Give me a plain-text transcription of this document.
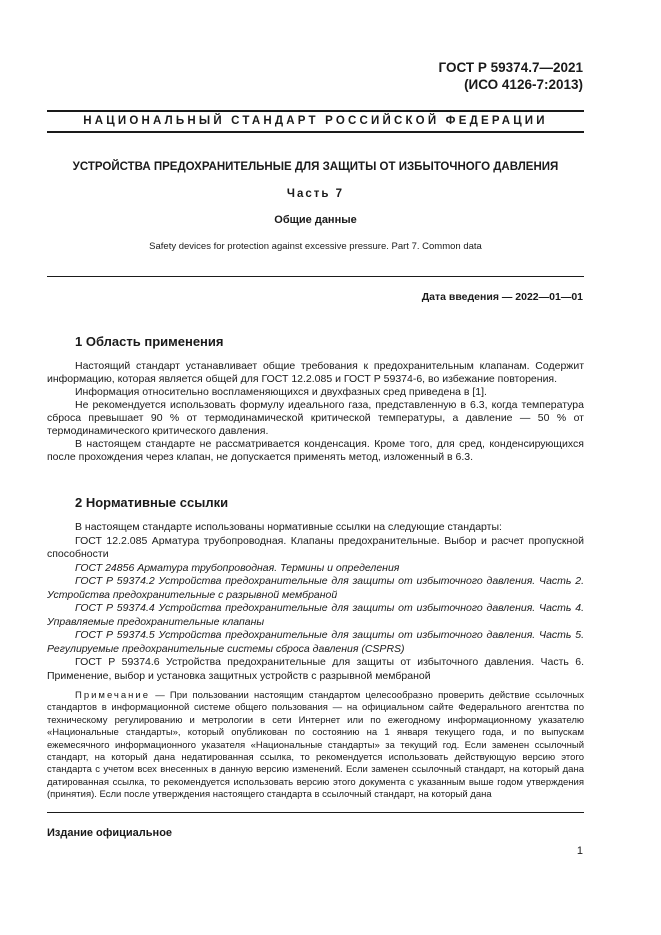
ГОСТ Р 59374.7—2021
(ИСО 4126-7:2013)
НАЦИОНАЛЬНЫЙ СТАНДАРТ РОССИЙСКОЙ ФЕДЕРАЦИИ
УСТРОЙСТВА ПРЕДОХРАНИТЕЛЬНЫЕ ДЛЯ ЗАЩИТЫ ОТ ИЗБЫТОЧНОГО ДАВЛЕНИЯ
Часть 7
Общие данные
Safety devices for protection against excessive pressure. Part 7. Common data
Дата введения — 2022—01—01
1 Область применения
Настоящий стандарт устанавливает общие требования к предохранительным клапанам. Содержит информацию, которая является общей для ГОСТ 12.2.085 и ГОСТ Р 59374-6, во избежание повторения.
Информация относительно воспламеняющихся и двухфазных сред приведена в [1].
Не рекомендуется использовать формулу идеального газа, представленную в 6.3, когда температура сброса превышает 90 % от термодинамической критической температуры, а давление — 50 % от термодинамического критического давления.
В настоящем стандарте не рассматривается конденсация. Кроме того, для сред, конденсирующихся после прохождения через клапан, не допускается применять метод, изложенный в 6.3.
2 Нормативные ссылки
В настоящем стандарте использованы нормативные ссылки на следующие стандарты:
ГОСТ 12.2.085 Арматура трубопроводная. Клапаны предохранительные. Выбор и расчет пропускной способности
ГОСТ 24856 Арматура трубопроводная. Термины и определения
ГОСТ Р 59374.2 Устройства предохранительные для защиты от избыточного давления. Часть 2. Устройства предохранительные с разрывной мембраной
ГОСТ Р 59374.4 Устройства предохранительные для защиты от избыточного давления. Часть 4. Управляемые предохранительные клапаны
ГОСТ Р 59374.5 Устройства предохранительные для защиты от избыточного давления. Часть 5. Регулируемые предохранительные системы сброса давления (CSPRS)
ГОСТ Р 59374.6 Устройства предохранительные для защиты от избыточного давления. Часть 6. Применение, выбор и установка защитных устройств с разрывной мембраной
Примечание — При пользовании настоящим стандартом целесообразно проверить действие ссылочных стандартов в информационной системе общего пользования — на официальном сайте Федерального агентства по техническому регулированию и метрологии в сети Интернет или по ежегодному информационному указателю «Национальные стандарты», который опубликован по состоянию на 1 января текущего года, и по выпускам ежемесячного информационного указателя «Национальные стандарты» за текущий год. Если заменен ссылочный стандарт, на который дана недатированная ссылка, то рекомендуется использовать действующую версию этого стандарта с учетом всех внесенных в данную версию изменений. Если заменен ссылочный стандарт, на который дана датированная ссылка, то рекомендуется использовать версию этого документа с указанным выше годом утверждения (принятия). Если после утверждения настоящего стандарта в ссылочный стандарт, на который дана
Издание официальное
1
